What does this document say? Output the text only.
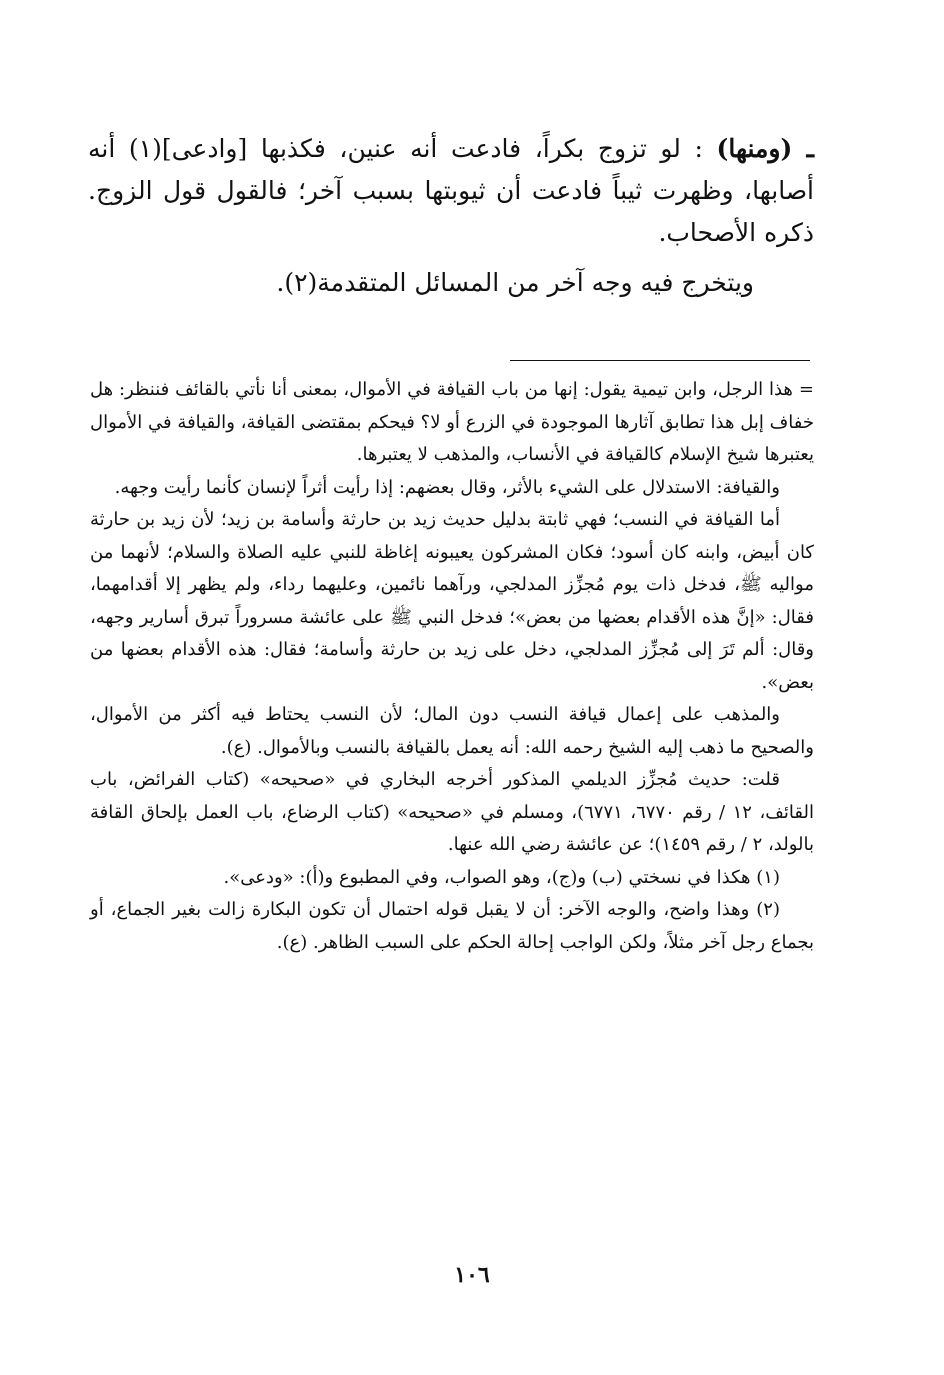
ـ (ومنها) : لو تزوج بكراً، فادعت أنه عنين، فكذبها [وادعى](١) أنه أصابها، وظهرت ثيباً فادعت أن ثيوبتها بسبب آخر؛ فالقول قول الزوج. ذكره الأصحاب.

ويتخرج فيه وجه آخر من المسائل المتقدمة(٢).

=هذا الرجل، وابن تيمية يقول: إنها من باب القيافة في الأموال، بمعنى أنا نأتي بالقائف فننظر: هل خفاف إبل هذا تطابق آثارها الموجودة في الزرع أو لا؟ فيحكم بمقتضى القيافة، والقيافة في الأموال يعتبرها شيخ الإسلام كالقيافة في الأنساب، والمذهب لا يعتبرها.

والقيافة: الاستدلال على الشيء بالأثر، وقال بعضهم: إذا رأيت أثراً لإنسان كأنما رأيت وجهه.

أما القيافة في النسب؛ فهي ثابتة بدليل حديث زيد بن حارثة وأسامة بن زيد؛ لأن زيد بن حارثة كان أبيض، وابنه كان أسود؛ فكان المشركون يعيبونه إغاظة للنبي عليه الصلاة والسلام؛ لأنهما من مواليه ﷺ، فدخل ذات يوم مُجزِّز المدلجي، ورآهما نائمين، وعليهما رداء، ولم يظهر إلا أقدامهما، فقال: «إنَّ هذه الأقدام بعضها من بعض»؛ فدخل النبي ﷺ على عائشة مسروراً تبرق أسارير وجهه، وقال: ألم تَرَ إلى مُجزِّز المدلجي، دخل على زيد بن حارثة وأسامة؛ فقال: هذه الأقدام بعضها من بعض».

والمذهب على إعمال قيافة النسب دون المال؛ لأن النسب يحتاط فيه أكثر من الأموال، والصحيح ما ذهب إليه الشيخ رحمه الله: أنه يعمل بالقيافة بالنسب وبالأموال. (ع).

قلت: حديث مُجزِّز الديلمي المذكور أخرجه البخاري في «صحيحه» (كتاب الفرائض، باب القائف، ١٢ / رقم ٦٧٧٠، ٦٧٧١)، ومسلم في «صحيحه» (كتاب الرضاع، باب العمل بإلحاق القافة بالولد، ٢ / رقم ١٤٥٩)؛ عن عائشة رضي الله عنها.

(١) هكذا في نسختي (ب) و(ج)، وهو الصواب، وفي المطبوع و(أ): «ودعى».

(٢) وهذا واضح، والوجه الآخر: أن لا يقبل قوله احتمال أن تكون البكارة زالت بغير الجماع، أو بجماع رجل آخر مثلاً، ولكن الواجب إحالة الحكم على السبب الظاهر. (ع).

١٠٦
